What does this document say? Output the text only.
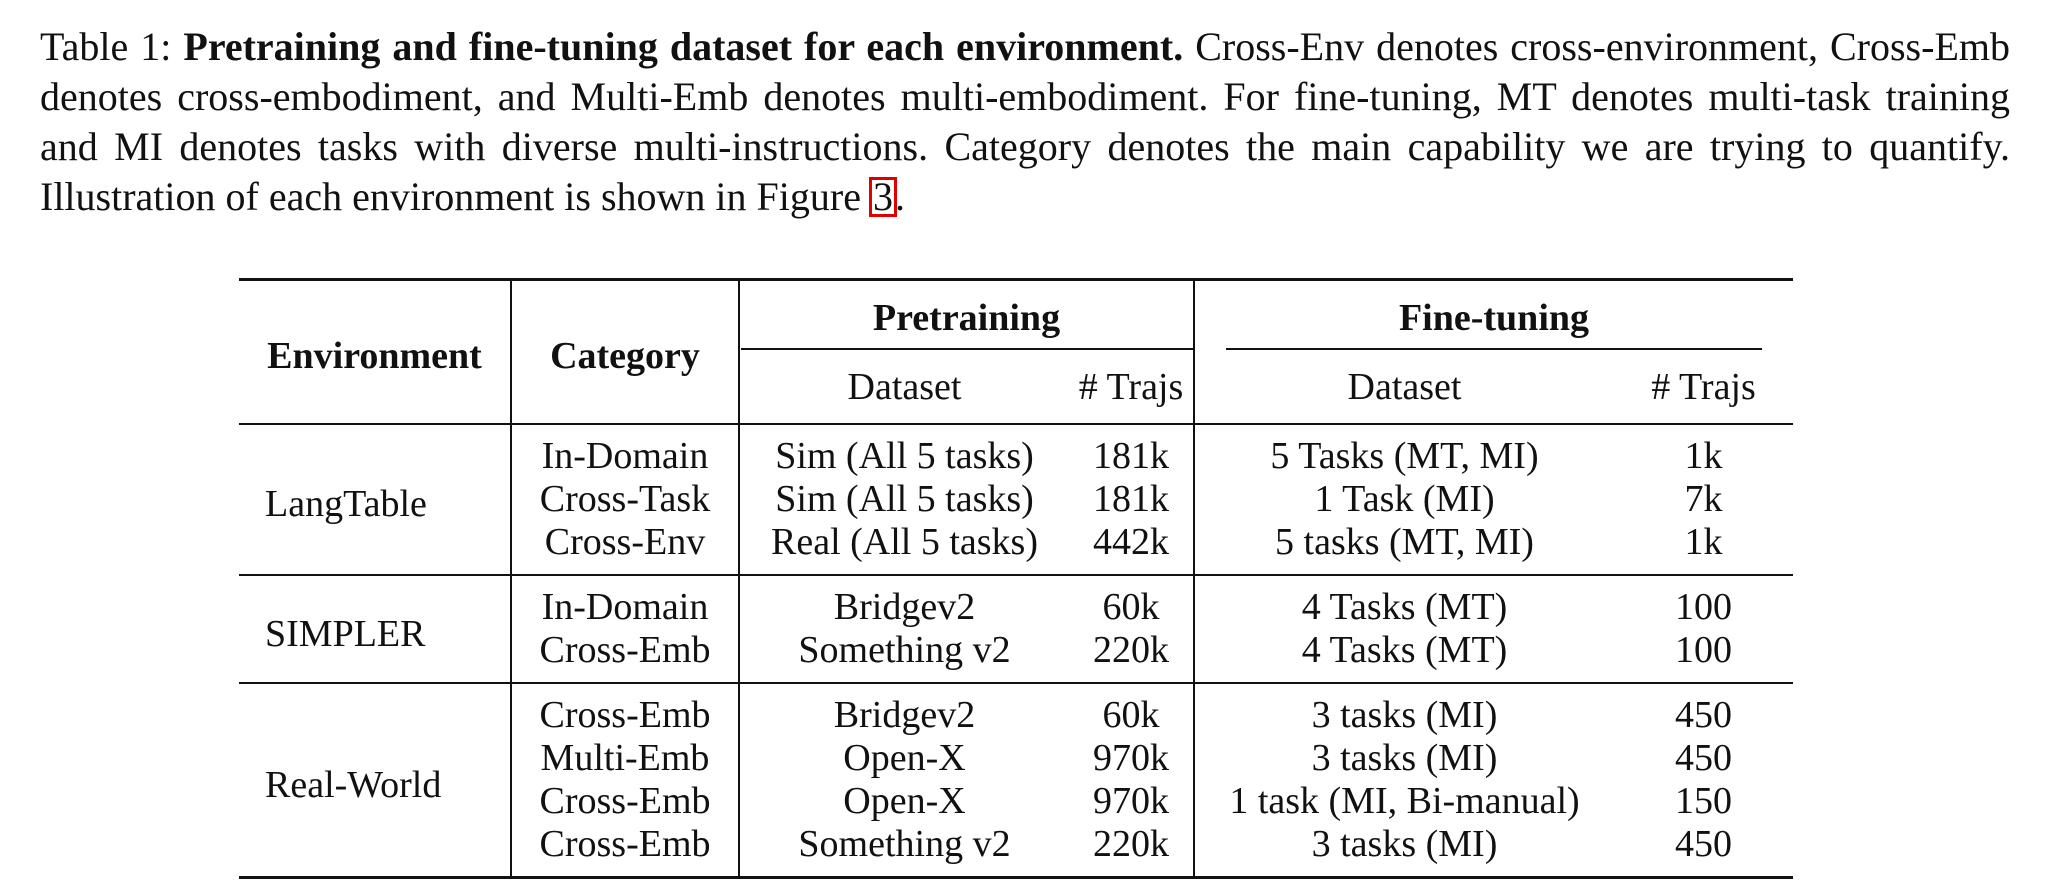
Table 1: Pretraining and fine-tuning dataset for each environment. Cross-Env denotes cross-environment, Cross-Emb denotes cross-embodiment, and Multi-Emb denotes multi-embodiment. For fine-tuning, MT denotes multi-task training and MI denotes tasks with diverse multi-instructions. Category denotes the main capability we are trying to quantify. Illustration of each environment is shown in Figure 3.
Environment	Category	Pretraining		Fine-tuning	

		Dataset	# Trajs	Dataset	# Trajs
LangTable	In-Domain	Sim (All 5 tasks)	181k	5 Tasks (MT, MI)	1k
	Cross-Task	Sim (All 5 tasks)	181k	1 Task (MI)	7k
	Cross-Env	Real (All 5 tasks)	442k	5 tasks (MT, MI)	1k
SIMPLER	In-Domain	Bridgev2	60k	4 Tasks (MT)	100
	Cross-Emb	Something v2	220k	4 Tasks (MT)	100
Real-World	Cross-Emb	Bridgev2	60k	3 tasks (MI)	450
	Multi-Emb	Open-X	970k	3 tasks (MI)	450
	Cross-Emb	Open-X	970k	1 task (MI, Bi-manual)	150
	Cross-Emb	Something v2	220k	3 tasks (MI)	450
